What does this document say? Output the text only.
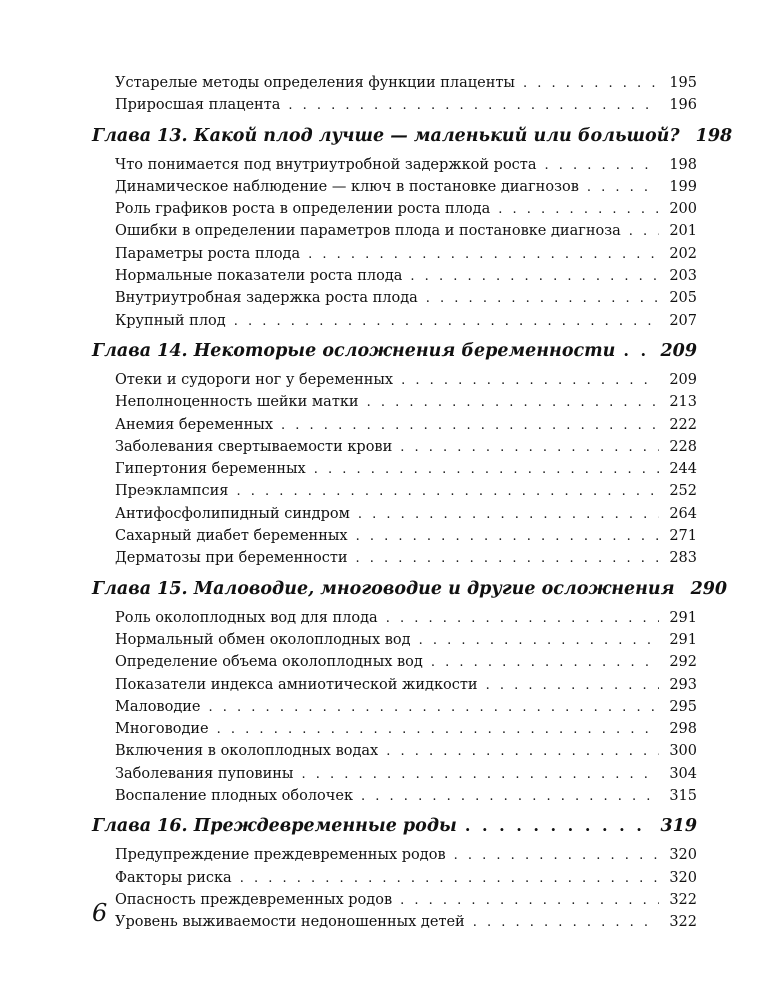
Устарелые методы определения функции плаценты . . .	195
Приросшая плацента . . .	196
Глава 13. Какой плод лучше — маленький или большой? 198
Что понимается под внутриутробной задержкой роста . . .	198
Динамическое наблюдение — ключ в постановке диагнозов . . .	199
Роль графиков роста в определении роста плода . . .	200
Ошибки в определении параметров плода и постановке диагноза . . .	201
Параметры роста плода . . .	202
Нормальные показатели роста плода . . .	203
Внутриутробная задержка роста плода . . .	205
Крупный плод . . .	207
Глава 14. Некоторые осложнения беременности . . .	209
Отеки и судороги ног у беременных . . .	209
Неполноценность шейки матки . . .	213
Анемия беременных . . .	222
Заболевания свертываемости крови . . .	228
Гипертония беременных . . .	244
Преэклампсия . . .	252
Антифосфолипидный синдром . . .	264
Сахарный диабет беременных . . .	271
Дерматозы при беременности . . .	283
Глава 15. Маловодие, многоводие и другие осложнения 290
Роль околоплодных вод для плода . . .	291
Нормальный обмен околоплодных вод . . .	291
Определение объема околоплодных вод . . .	292
Показатели индекса амниотической жидкости . . .	293
Маловодие . . .	295
Многоводие . . .	298
Включения в околоплодных водах . . .	300
Заболевания пуповины . . .	304
Воспаление плодных оболочек . . .	315
Глава 16. Преждевременные роды . . .	319
Предупреждение преждевременных родов . . .	320
Факторы риска . . .	320
Опасность преждевременных родов . . .	322
Уровень выживаемости недоношенных детей . . .	322
6
